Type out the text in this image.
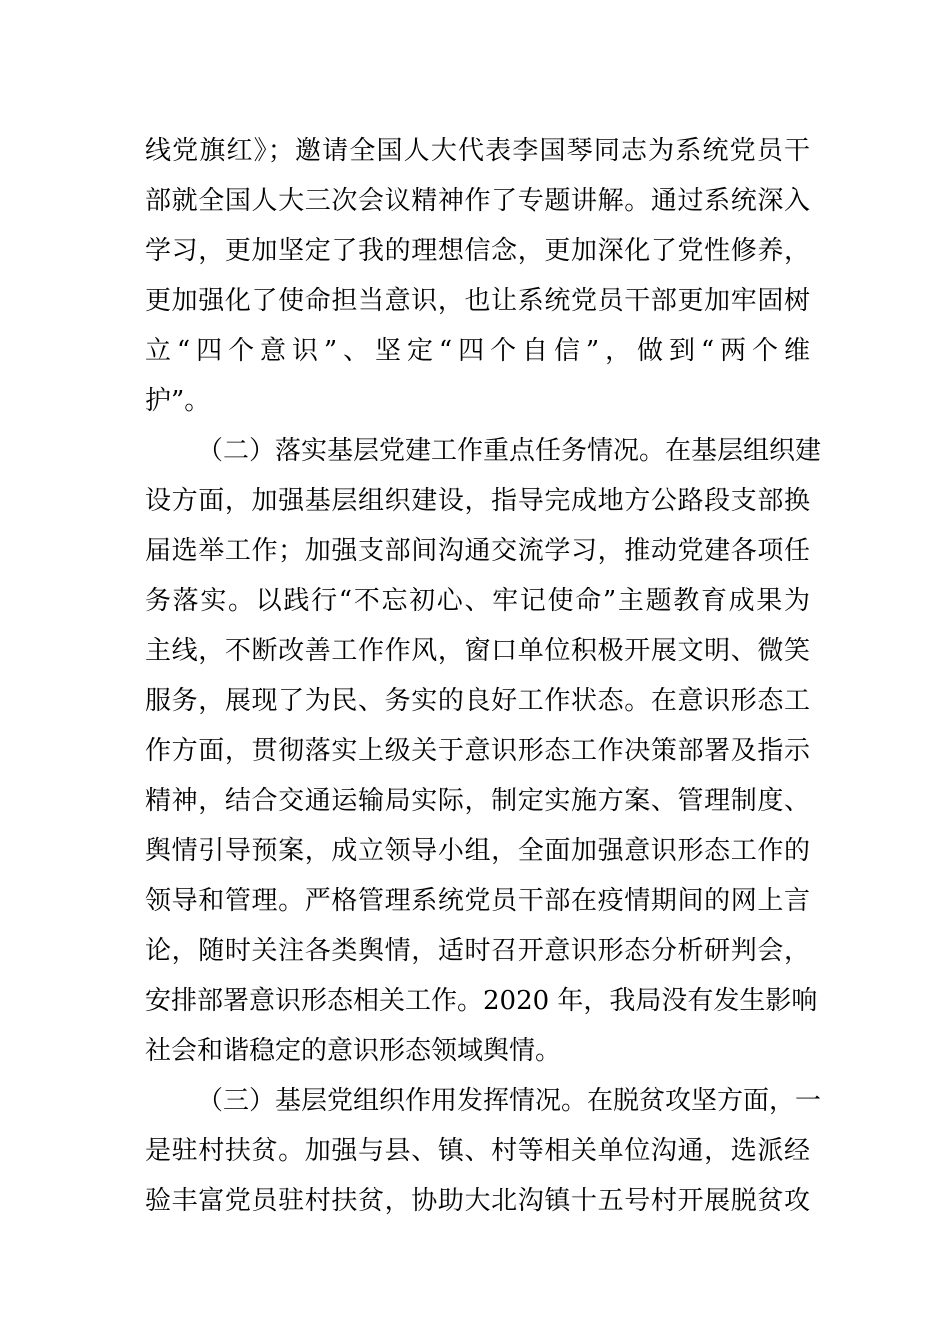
线党旗红》；邀请全国人大代表李国琴同志为系统党员干
部就全国人大三次会议精神作了专题讲解。通过系统深入
学习，更加坚定了我的理想信念，更加深化了党性修养，
更加强化了使命担当意识，也让系统党员干部更加牢固树
立“四个意识”、坚定“四个自信”，做到“两个维
护”。
（二）落实基层党建工作重点任务情况。在基层组织建
设方面，加强基层组织建设，指导完成地方公路段支部换
届选举工作；加强支部间沟通交流学习，推动党建各项任
务落实。以践行“不忘初心、牢记使命”主题教育成果为
主线，不断改善工作作风，窗口单位积极开展文明、微笑
服务，展现了为民、务实的良好工作状态。在意识形态工
作方面，贯彻落实上级关于意识形态工作决策部署及指示
精神，结合交通运输局实际，制定实施方案、管理制度、
舆情引导预案，成立领导小组，全面加强意识形态工作的
领导和管理。严格管理系统党员干部在疫情期间的网上言
论，随时关注各类舆情，适时召开意识形态分析研判会，
安排部署意识形态相关工作。2020 年，我局没有发生影响
社会和谐稳定的意识形态领域舆情。
（三）基层党组织作用发挥情况。在脱贫攻坚方面，一
是驻村扶贫。加强与县、镇、村等相关单位沟通，选派经
验丰富党员驻村扶贫，协助大北沟镇十五号村开展脱贫攻
